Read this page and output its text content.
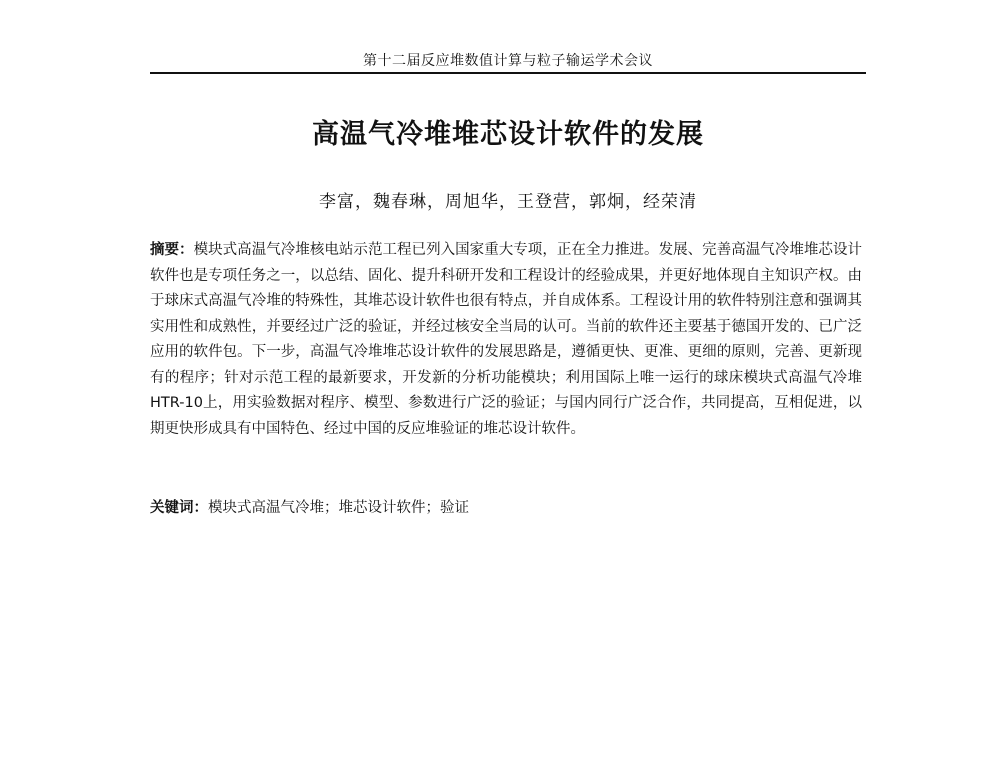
第十二届反应堆数值计算与粒子输运学术会议
高温气冷堆堆芯设计软件的发展
李富，魏春琳，周旭华，王登营，郭炯，经荣清
摘要：模块式高温气冷堆核电站示范工程已列入国家重大专项，正在全力推进。发展、完善高温气冷堆堆芯设计软件也是专项任务之一，以总结、固化、提升科研开发和工程设计的经验成果，并更好地体现自主知识产权。由于球床式高温气冷堆的特殊性，其堆芯设计软件也很有特点，并自成体系。工程设计用的软件特别注意和强调其实用性和成熟性，并要经过广泛的验证，并经过核安全当局的认可。当前的软件还主要基于德国开发的、已广泛应用的软件包。下一步，高温气冷堆堆芯设计软件的发展思路是，遵循更快、更准、更细的原则，完善、更新现有的程序；针对示范工程的最新要求，开发新的分析功能模块；利用国际上唯一运行的球床模块式高温气冷堆HTR-10上，用实验数据对程序、模型、参数进行广泛的验证；与国内同行广泛合作，共同提高，互相促进，以期更快形成具有中国特色、经过中国的反应堆验证的堆芯设计软件。
关键词：模块式高温气冷堆；堆芯设计软件；验证
